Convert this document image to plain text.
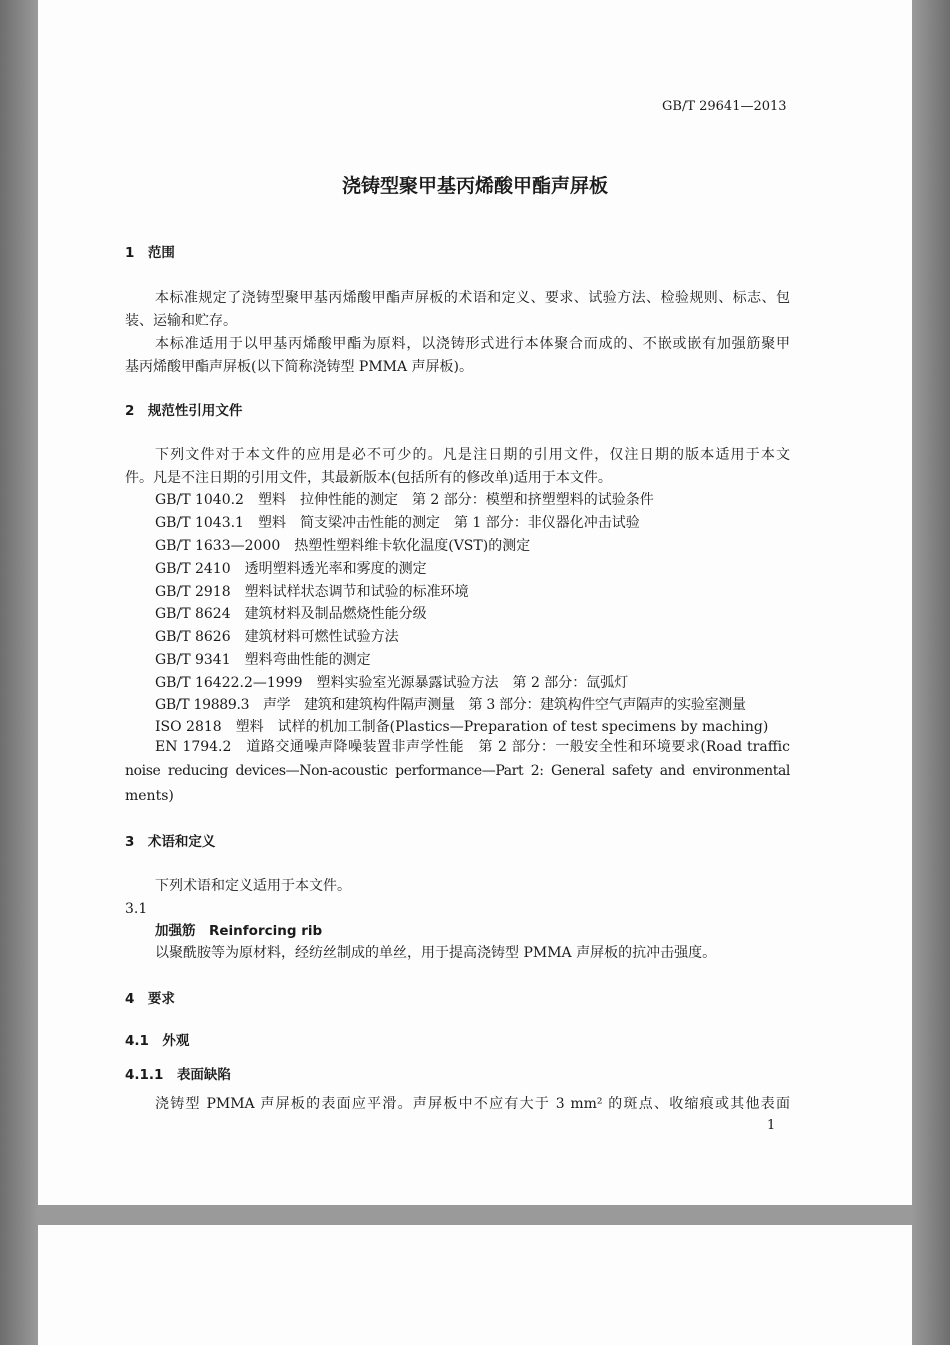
GB/T 29641—2013
浇铸型聚甲基丙烯酸甲酯声屏板
1　 范围
本标准规定了浇铸型聚甲基丙烯酸甲酯声屏板的术语和定义、要求、试验方法、检验规则、标志、包
装、运输和贮存。
本标准适用于以甲基丙烯酸甲酯为原料，以浇铸形式进行本体聚合而成的、不嵌或嵌有加强筋聚甲
基丙烯酸甲酯声屏板(以下简称浇铸型 PMMA 声屏板)。
2　 规范性引用文件
下列文件对于本文件的应用是必不可少的。凡是注日期的引用文件，仅注日期的版本适用于本文
件。凡是不注日期的引用文件，其最新版本(包括所有的修改单)适用于本文件。
GB/T 1040.2　塑料　拉伸性能的测定　第 2 部分：模塑和挤塑塑料的试验条件
GB/T 1043.1　塑料　简支梁冲击性能的测定　第 1 部分：非仪器化冲击试验
GB/T 1633—2000　热塑性塑料维卡软化温度(VST)的测定
GB/T 2410　透明塑料透光率和雾度的测定
GB/T 2918　塑料试样状态调节和试验的标准环境
GB/T 8624　建筑材料及制品燃烧性能分级
GB/T 8626　建筑材料可燃性试验方法
GB/T 9341　塑料弯曲性能的测定
GB/T 16422.2—1999　塑料实验室光源暴露试验方法　第 2 部分：氙弧灯
GB/T 19889.3　声学　建筑和建筑构件隔声测量　第 3 部分：建筑构件空气声隔声的实验室测量
ISO 2818　塑料　试样的机加工制备(Plastics—Preparation of test specimens by maching)
EN 1794.2　道路交通噪声降噪装置非声学性能　第 2 部分：一般安全性和环境要求(Road traffic
noise reducing devices—Non-acoustic performance—Part 2: General safety and environmental
ments)
3　 术语和定义
下列术语和定义适用于本文件。
3.1
加强筋　 Reinforcing rib
以聚酰胺等为原材料，经纺丝制成的单丝，用于提高浇铸型 PMMA 声屏板的抗冲击强度。
4　 要求
4.1　 外观
4.1.1　 表面缺陷
浇铸型 PMMA 声屏板的表面应平滑。声屏板中不应有大于 3 mm² 的斑点、收缩痕或其他表面
1
